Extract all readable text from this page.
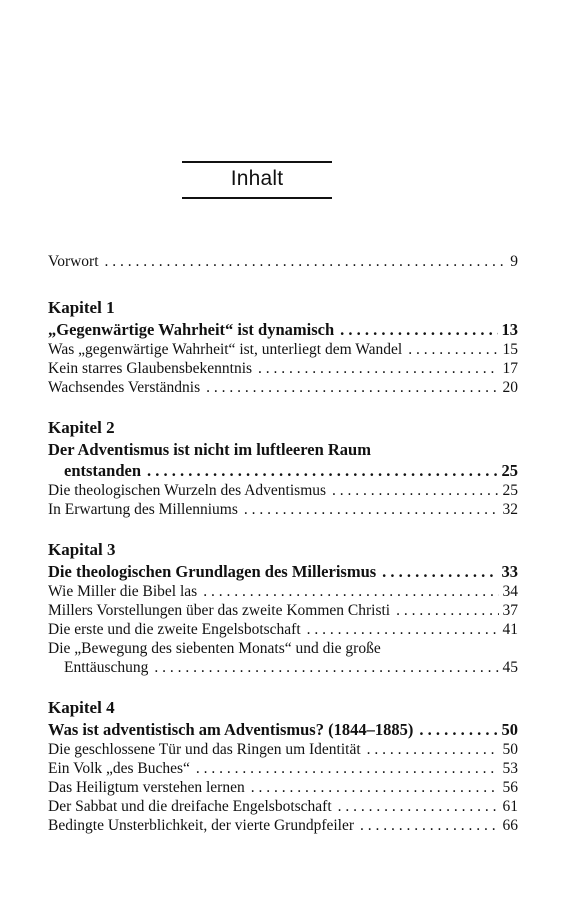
Inhalt
Vorwort . . .	9
Kapitel 1
„Gegenwärtige Wahrheit“ ist dynamisch . . .	13
Was „gegenwärtige Wahrheit“ ist, unterliegt dem Wandel . . .	15
Kein starres Glaubensbekenntnis . . .	17
Wachsendes Verständnis . . .	20
Kapitel 2
Der Adventismus ist nicht im luftleeren Raum
entstanden . . .	25
Die theologischen Wurzeln des Adventismus . . .	25
In Erwartung des Millenniums . . .	32
Kapital 3
Die theologischen Grundlagen des Millerismus . . .	33
Wie Miller die Bibel las . . .	34
Millers Vorstellungen über das zweite Kommen Christi . . .	37
Die erste und die zweite Engelsbotschaft . . .	41
Die „Bewegung des siebenten Monats“ und die große
Enttäuschung . . .	45
Kapitel 4
Was ist adventistisch am Adventismus? (1844–1885) . . .	50
Die geschlossene Tür und das Ringen um Identität . . .	50
Ein Volk „des Buches“ . . .	53
Das Heiligtum verstehen lernen . . .	56
Der Sabbat und die dreifache Engelsbotschaft . . .	61
Bedingte Unsterblichkeit, der vierte Grundpfeiler . . .	66
